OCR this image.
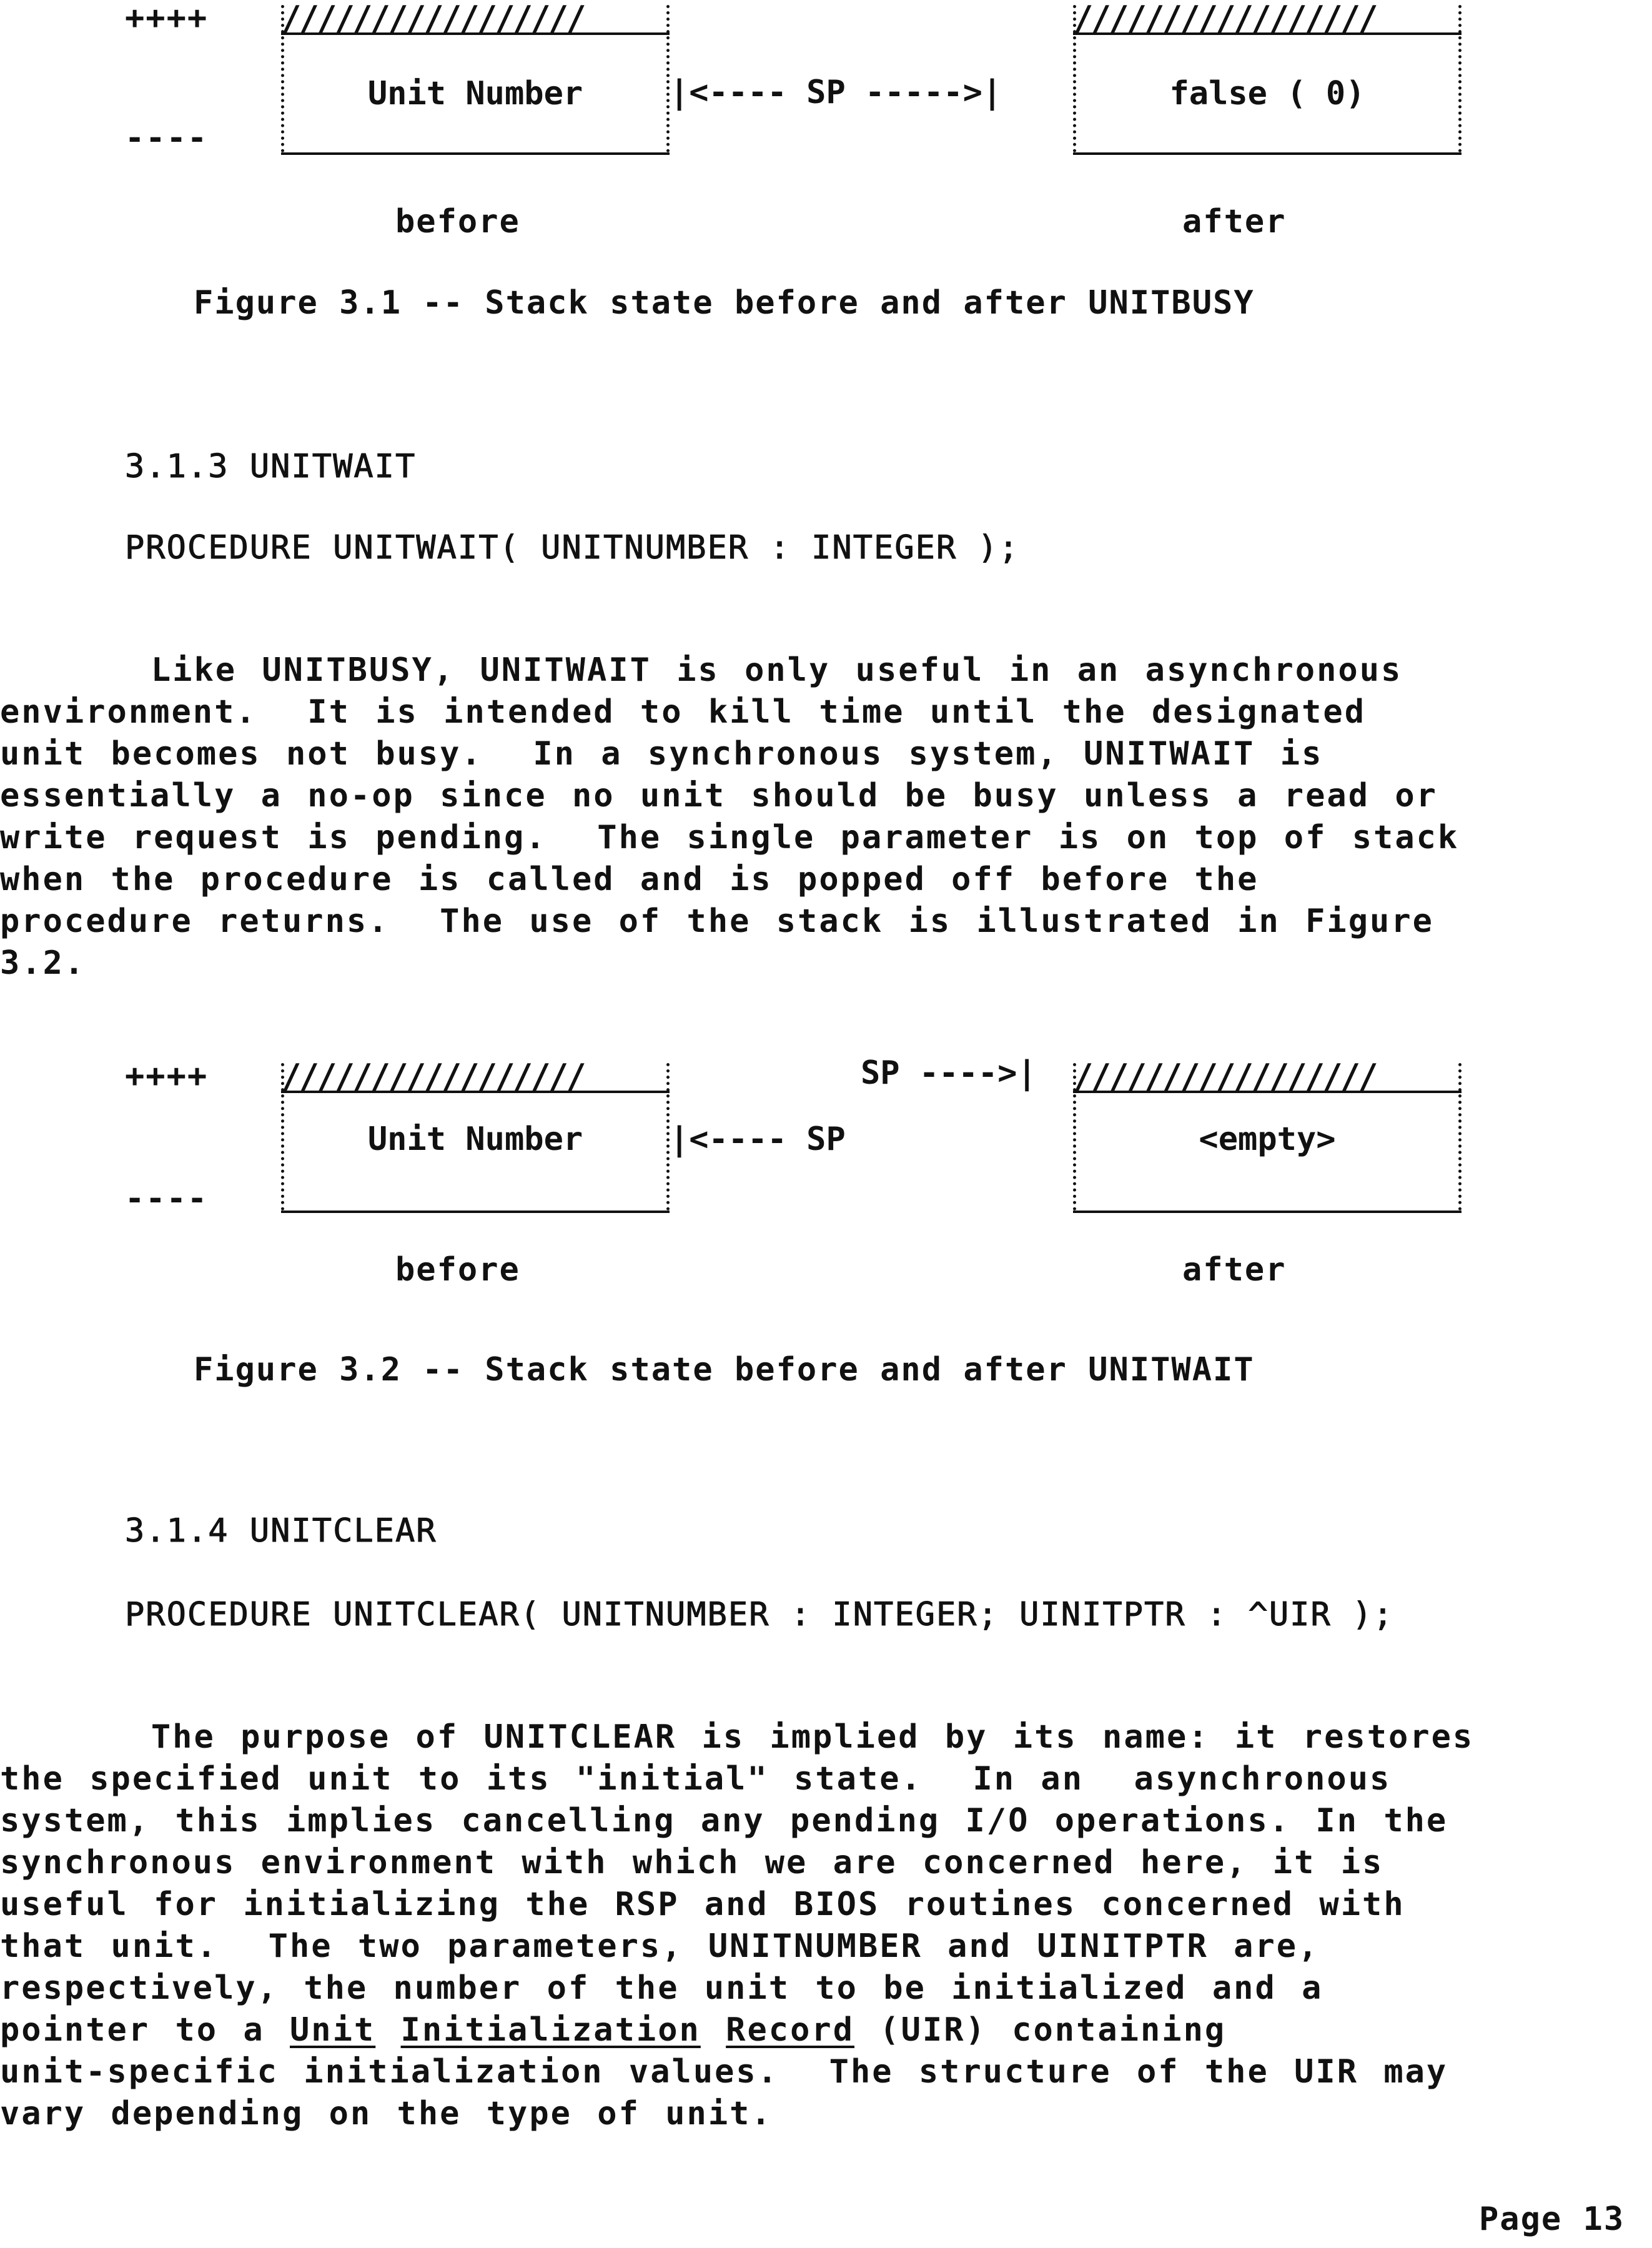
++++
----
/////////////////
Unit Number	|<---- SP ----->|
/////////////////
false ( 0)
before	after
Figure 3.1 -- Stack state before and after UNITBUSY
3.1.3 UNITWAIT
PROCEDURE UNITWAIT( UNITNUMBER : INTEGER );
Like UNITBUSY, UNITWAIT is only useful in an asynchronous
environment.  It is intended to kill time until the designated
unit becomes not busy.  In a synchronous system, UNITWAIT is
essentially a no-op since no unit should be busy unless a read or
write request is pending.  The single parameter is on top of stack
when the procedure is called and is popped off before the
procedure returns.  The use of the stack is illustrated in Figure
3.2.
++++
----
/////////////////
Unit Number	|<---- SP
SP ---->| /////////////////
<empty>
before	after
Figure 3.2 -- Stack state before and after UNITWAIT
3.1.4 UNITCLEAR
PROCEDURE UNITCLEAR( UNITNUMBER : INTEGER; UINITPTR : ^UIR );
The purpose of UNITCLEAR is implied by its name: it restores
the specified unit to its "initial" state.  In an  asynchronous
system, this implies cancelling any pending I/O operations. In the
synchronous environment with which we are concerned here, it is
useful for initializing the RSP and BIOS routines concerned with
that unit.  The two parameters, UNITNUMBER and UINITPTR are,
respectively, the number of the unit to be initialized and a
pointer to a Unit Initialization Record (UIR) containing
unit-specific initialization values.  The structure of the UIR may
vary depending on the type of unit.
Page 13
